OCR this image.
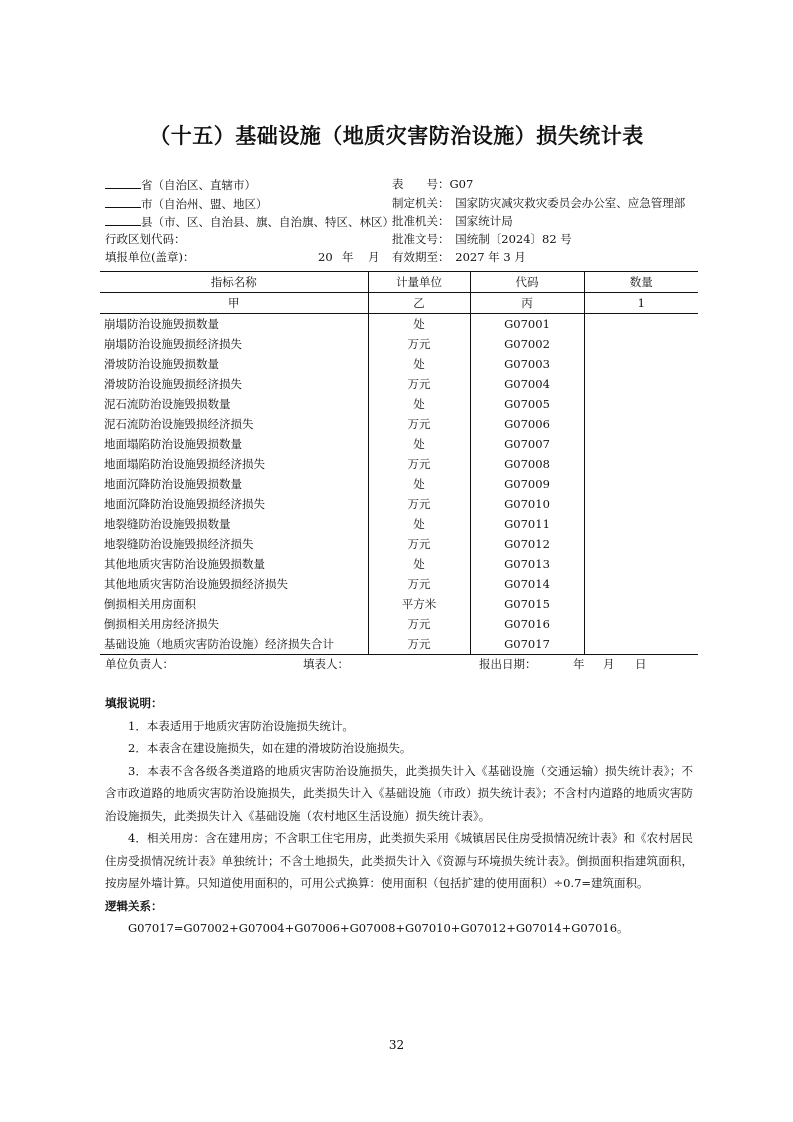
（十五）基础设施（地质灾害防治设施）损失统计表
省（自治区、直辖市）
市（自治州、盟、地区）
县（市、区、自治县、旗、自治旗、特区、林区）
行政区划代码：
填报单位(盖章)：	20 年 月
表　　号：G07
制定机关：　国家防灾减灾救灾委员会办公室、应急管理部
批准机关：　国家统计局
批准文号：　国统制〔2024〕82 号
有效期至：　2027 年 3 月
指标名称	计量单位	代码	数量
甲	乙	丙	1
崩塌防治设施毁损数量	处	G07001	
崩塌防治设施毁损经济损失	万元	G07002	
滑坡防治设施毁损数量	处	G07003	
滑坡防治设施毁损经济损失	万元	G07004	
泥石流防治设施毁损数量	处	G07005	
泥石流防治设施毁损经济损失	万元	G07006	
地面塌陷防治设施毁损数量	处	G07007	
地面塌陷防治设施毁损经济损失	万元	G07008	
地面沉降防治设施毁损数量	处	G07009	
地面沉降防治设施毁损经济损失	万元	G07010	
地裂缝防治设施毁损数量	处	G07011	
地裂缝防治设施毁损经济损失	万元	G07012	
其他地质灾害防治设施毁损数量	处	G07013	
其他地质灾害防治设施毁损经济损失	万元	G07014	
倒损相关用房面积	平方米	G07015	
倒损相关用房经济损失	万元	G07016	
基础设施（地质灾害防治设施）经济损失合计	万元	G07017	
单位负责人：	填表人：	报出日期：	年 月 日
填报说明：

1．本表适用于地质灾害防治设施损失统计。

2．本表含在建设施损失，如在建的滑坡防治设施损失。

3．本表不含各级各类道路的地质灾害防治设施损失，此类损失计入《基础设施（交通运输）损失统计表》；不含市政道路的地质灾害防治设施损失，此类损失计入《基础设施（市政）损失统计表》；不含村内道路的地质灾害防治设施损失，此类损失计入《基础设施（农村地区生活设施）损失统计表》。

4．相关用房：含在建用房；不含职工住宅用房，此类损失采用《城镇居民住房受损情况统计表》和《农村居民住房受损情况统计表》单独统计；不含土地损失，此类损失计入《资源与环境损失统计表》。倒损面积指建筑面积，按房屋外墙计算。只知道使用面积的，可用公式换算：使用面积（包括扩建的使用面积）÷0.7=建筑面积。

逻辑关系：
G07017=G07002+G07004+G07006+G07008+G07010+G07012+G07014+G07016。
32
